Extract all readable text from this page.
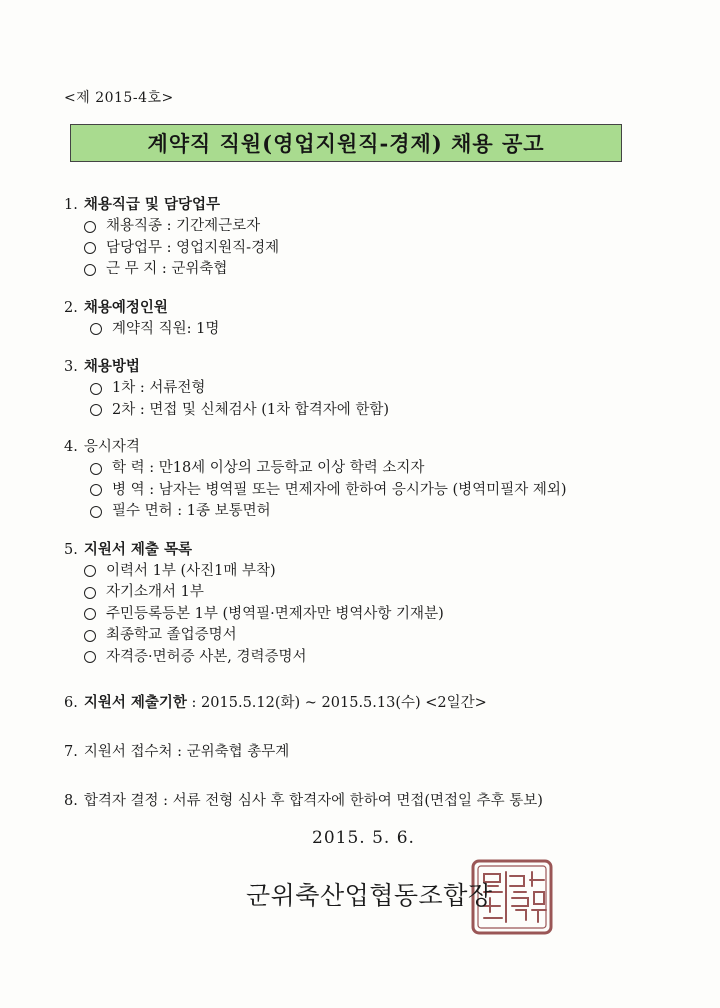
<제 2015-4호>
계약직 직원(영업지원직-경제) 채용 공고
1. 채용직급 및 담당업무
채용직종 : 기간제근로자
담당업무 : 영업지원직-경제
근 무 지 : 군위축협
2. 채용예정인원
계약직 직원: 1명
3. 채용방법
1차 : 서류전형
2차 : 면접 및 신체검사 (1차 합격자에 한함)
4. 응시자격
학 력 : 만18세 이상의 고등학교 이상 학력 소지자
병 역 : 남자는 병역필 또는 면제자에 한하여 응시가능 (병역미필자 제외)
필수 면허 : 1종 보통면허
5. 지원서 제출 목록
이력서 1부 (사진1매 부착)
자기소개서 1부
주민등록등본 1부 (병역필·면제자만 병역사항 기재분)
최종학교 졸업증명서
자격증·면허증 사본, 경력증명서
6. 지원서 제출기한 : 2015.5.12(화) ~ 2015.5.13(수) <2일간>
7. 지원서 접수처 : 군위축협 총무계
8. 합격자 결정 : 서류 전형 심사 후 합격자에 한하여 면접(면접일 추후 통보)
2015. 5. 6.
군위축산업협동조합장
